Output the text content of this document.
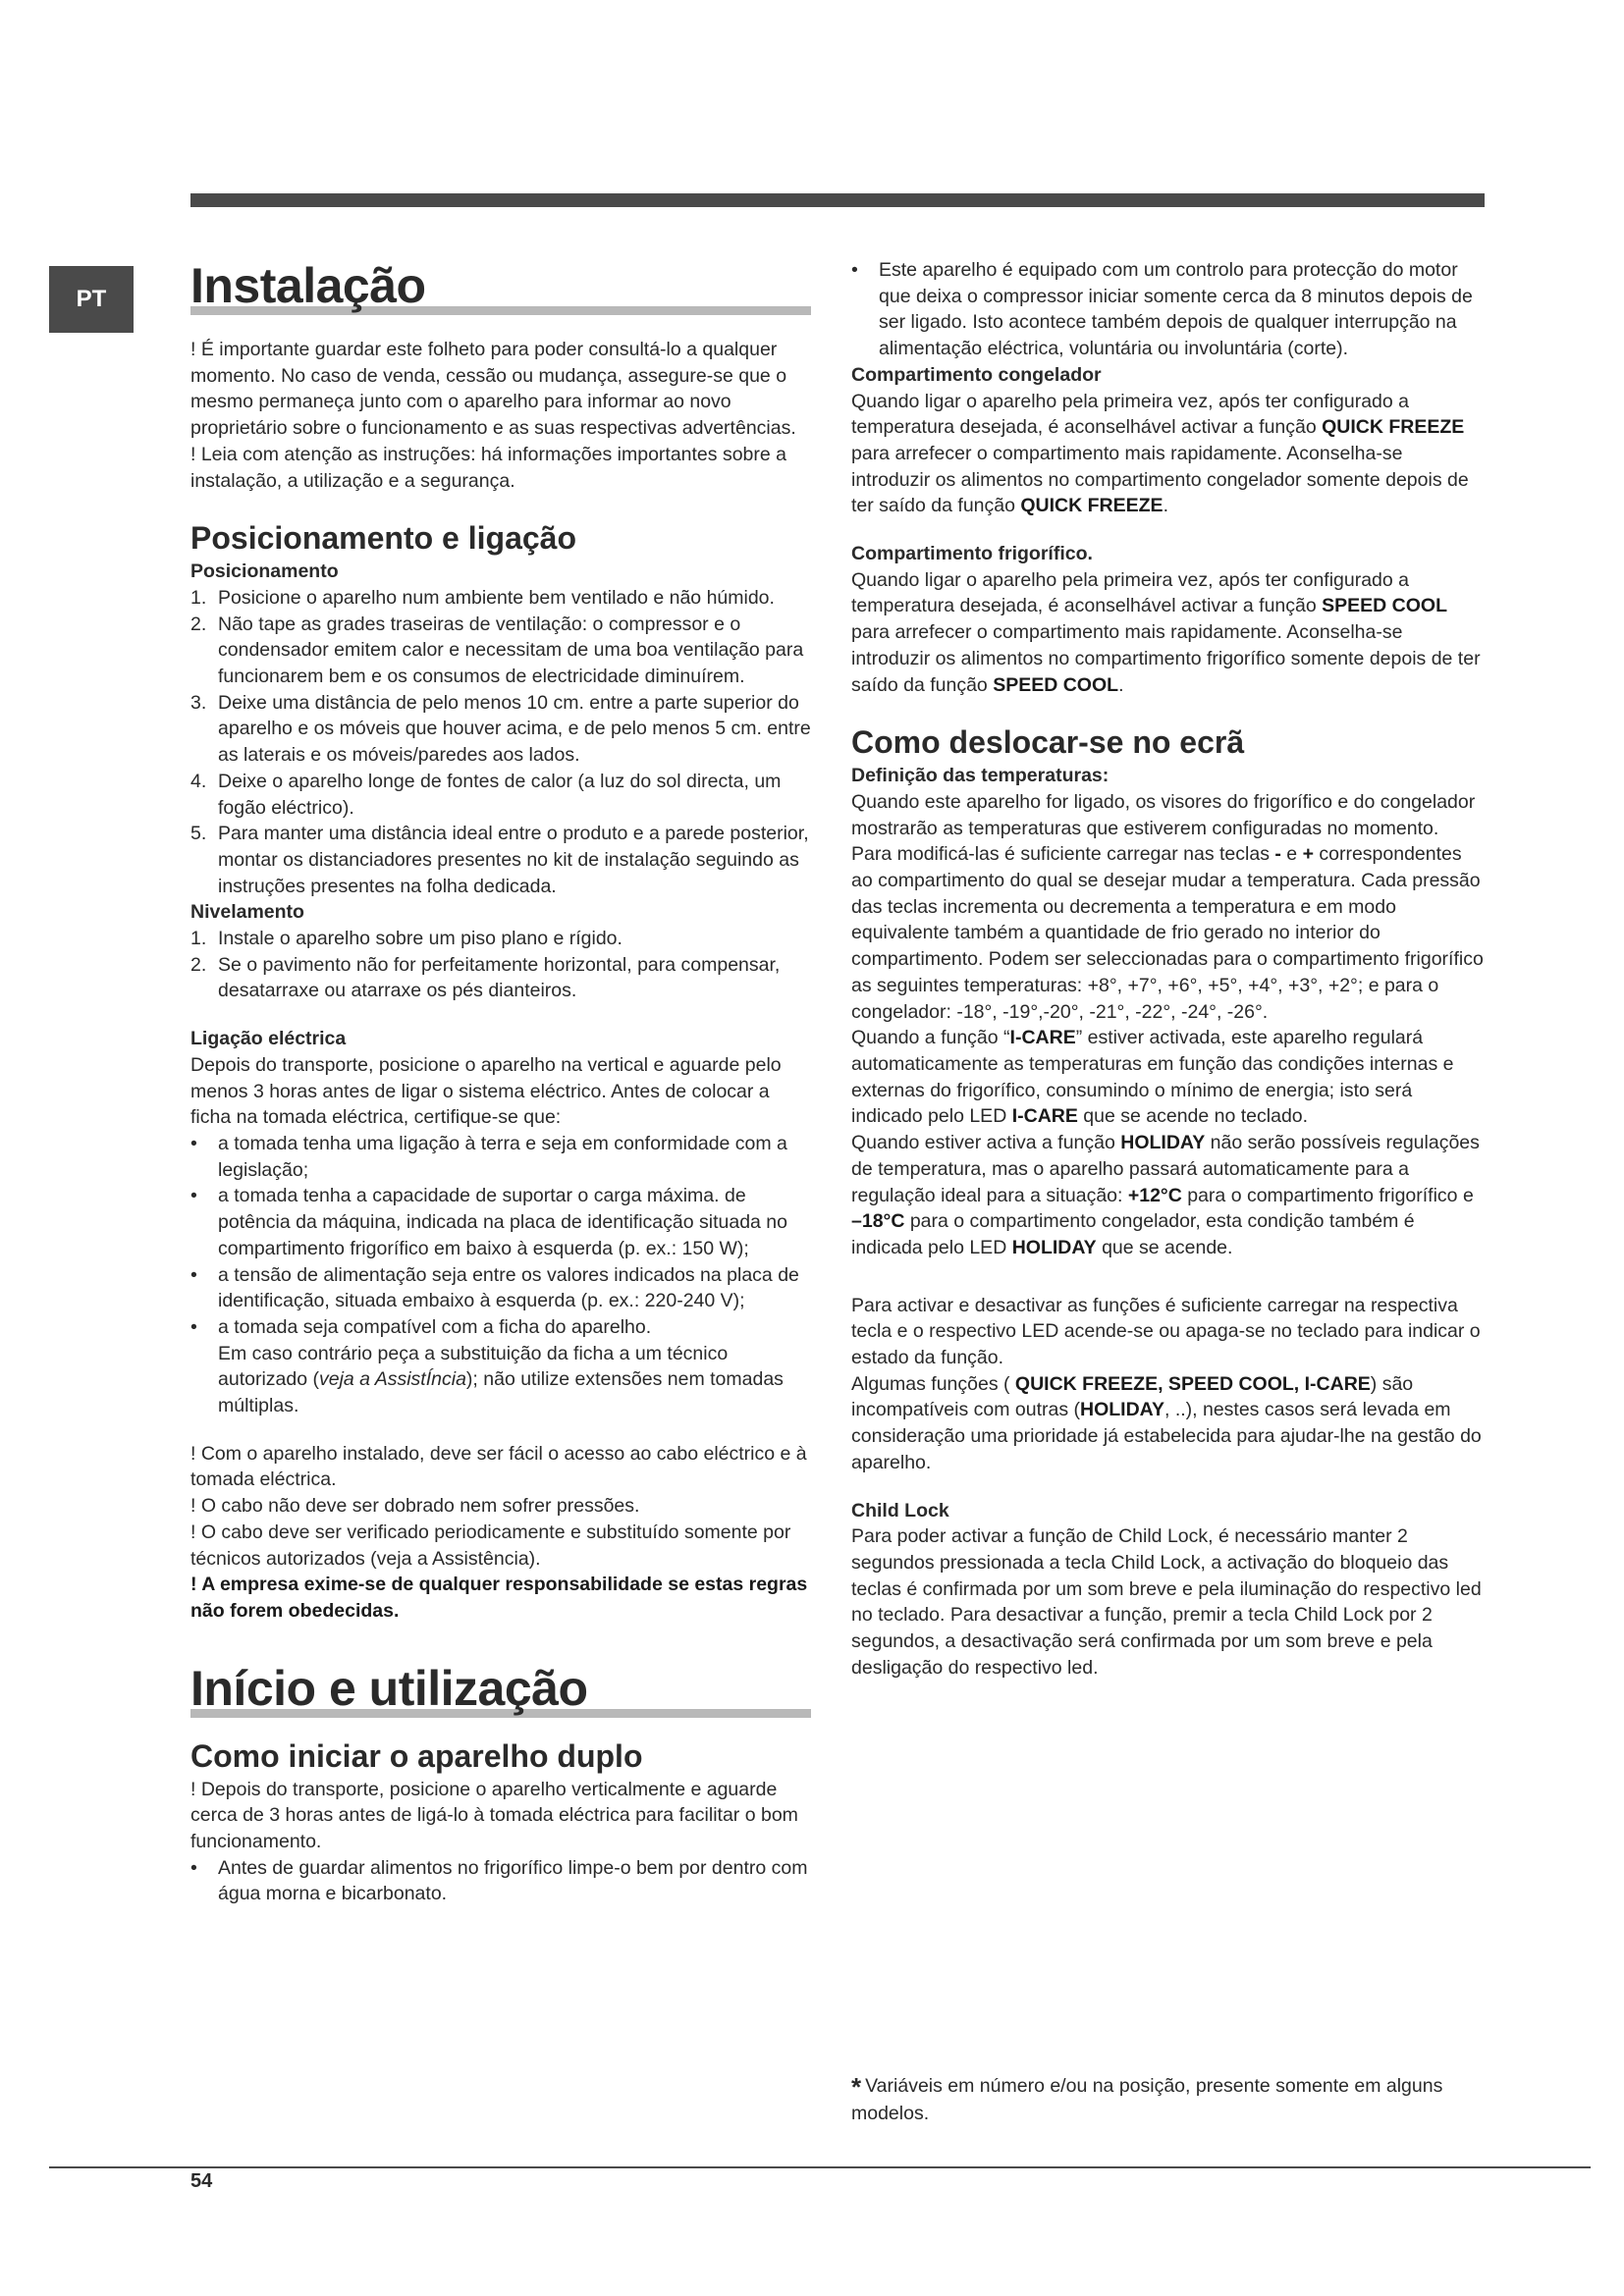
PT Instalação

! É importante guardar este folheto para poder consultá-lo a qualquer momento. No caso de venda, cessão ou mudança, assegure-se que o mesmo permaneça junto com o aparelho para informar ao novo proprietário sobre o funcionamento e as suas respectivas advertências.

! Leia com atenção as instruções: há informações importantes sobre a instalação, a utilização e a segurança.

Posicionamento e ligação

Posicionamento

1. Posicione o aparelho num ambiente bem ventilado e não húmido.
2. Não tape as grades traseiras de ventilação: o compressor e o condensador emitem calor e necessitam de uma boa ventilação para funcionarem bem e os consumos de electricidade diminuírem.
3. Deixe uma distância de pelo menos 10 cm. entre a parte superior do aparelho e os móveis que houver acima, e de pelo menos 5 cm. entre as laterais e os móveis/paredes aos lados.
4. Deixe o aparelho longe de fontes de calor (a luz do sol directa, um fogão eléctrico).
5. Para manter uma distância ideal entre o produto e a parede posterior, montar os distanciadores presentes no kit de instalação seguindo as instruções presentes na folha dedicada.

Nivelamento

1. Instale o aparelho sobre um piso plano e rígido.
2. Se o pavimento não for perfeitamente horizontal, para compensar, desatarraxe ou atarraxe os pés dianteiros.

Ligação eléctrica

Depois do transporte, posicione o aparelho na vertical e aguarde pelo menos 3 horas antes de ligar o sistema eléctrico. Antes de colocar a ficha na tomada eléctrica, certifique-se que:

• a tomada tenha uma ligação à terra e seja em conformidade com a legislação;
• a tomada tenha a capacidade de suportar o carga máxima. de potência da máquina, indicada na placa de identificação situada no compartimento frigorífico em baixo à esquerda (p. ex.: 150 W);
• a tensão de alimentação seja entre os valores indicados na placa de identificação, situada embaixo à esquerda (p. ex.: 220-240 V);
• a tomada seja compatível com a ficha do aparelho.
Em caso contrário peça a substituição da ficha a um técnico autorizado (veja a AssistÍncia); não utilize extensões nem tomadas múltiplas.

! Com o aparelho instalado, deve ser fácil o acesso ao cabo eléctrico e à tomada eléctrica.

! O cabo não deve ser dobrado nem sofrer pressões.

! O cabo deve ser verificado periodicamente e substituído somente por técnicos autorizados (veja a Assistência).

! A empresa exime-se de qualquer responsabilidade se estas regras não forem obedecidas.

Início e utilização
Como iniciar o aparelho duplo

! Depois do transporte, posicione o aparelho verticalmente e aguarde cerca de 3 horas antes de ligá-lo à tomada eléctrica para facilitar o bom funcionamento.

• Antes de guardar alimentos no frigorífico limpe-o bem por dentro com água morna e bicarbonato.
• Este aparelho é equipado com um controlo para protecção do motor que deixa o compressor iniciar somente cerca da 8 minutos depois de ser ligado. Isto acontece também depois de qualquer interrupção na alimentação eléctrica, voluntária ou involuntária (corte).

Compartimento congelador

Quando ligar o aparelho pela primeira vez, após ter configurado a temperatura desejada, é aconselhável activar a função QUICK FREEZE para arrefecer o compartimento mais rapidamente. Aconselha-se introduzir os alimentos no compartimento congelador somente depois de ter saído da função QUICK FREEZE.

Compartimento frigorífico.

Quando ligar o aparelho pela primeira vez, após ter configurado a temperatura desejada, é aconselhável activar a função SPEED COOL para arrefecer o compartimento mais rapidamente. Aconselha-se introduzir os alimentos no compartimento frigorífico somente depois de ter saído da função SPEED COOL.

Como deslocar-se no ecrã

Definição das temperaturas:

Quando este aparelho for ligado, os visores do frigorífico e do congelador mostrarão as temperaturas que estiverem configuradas no momento. Para modificá-las é suficiente carregar nas teclas - e + correspondentes ao compartimento do qual se desejar mudar a temperatura. Cada pressão das teclas incrementa ou decrementa a temperatura e em modo equivalente também a quantidade de frio gerado no interior do compartimento. Podem ser seleccionadas para o compartimento frigorífico as seguintes temperaturas: +8°, +7°, +6°, +5°, +4°, +3°, +2°; e para o congelador: -18°, -19°,-20°, -21°, -22°, -24°, -26°.

Quando a função “I-CARE” estiver activada, este aparelho regulará automaticamente as temperaturas em função das condições internas e externas do frigorífico, consumindo o mínimo de energia; isto será indicado pelo LED I-CARE que se acende no teclado.

Quando estiver activa a função HOLIDAY não serão possíveis regulações de temperatura, mas o aparelho passará automaticamente para a regulação ideal para a situação: +12°C para o compartimento frigorífico e –18°C para o compartimento congelador, esta condição também é indicada pelo LED HOLIDAY que se acende.

Para activar e desactivar as funções é suficiente carregar na respectiva tecla e o respectivo LED acende-se ou apaga-se no teclado para indicar o estado da função.

Algumas funções ( QUICK FREEZE, SPEED COOL, I-CARE) são incompatíveis com outras (HOLIDAY, ..), nestes casos será levada em consideração uma prioridade já estabelecida para ajudar-lhe na gestão do aparelho.

Child Lock

Para poder activar a função de Child Lock, é necessário manter 2 segundos pressionada a tecla Child Lock, a activação do bloqueio das teclas é confirmada por um som breve e pela iluminação do respectivo led no teclado. Para desactivar a função, premir a tecla Child Lock por 2 segundos, a desactivação será confirmada por um som breve e pela desligação do respectivo led.

* Variáveis em número e/ou na posição, presente somente em alguns modelos.
54
